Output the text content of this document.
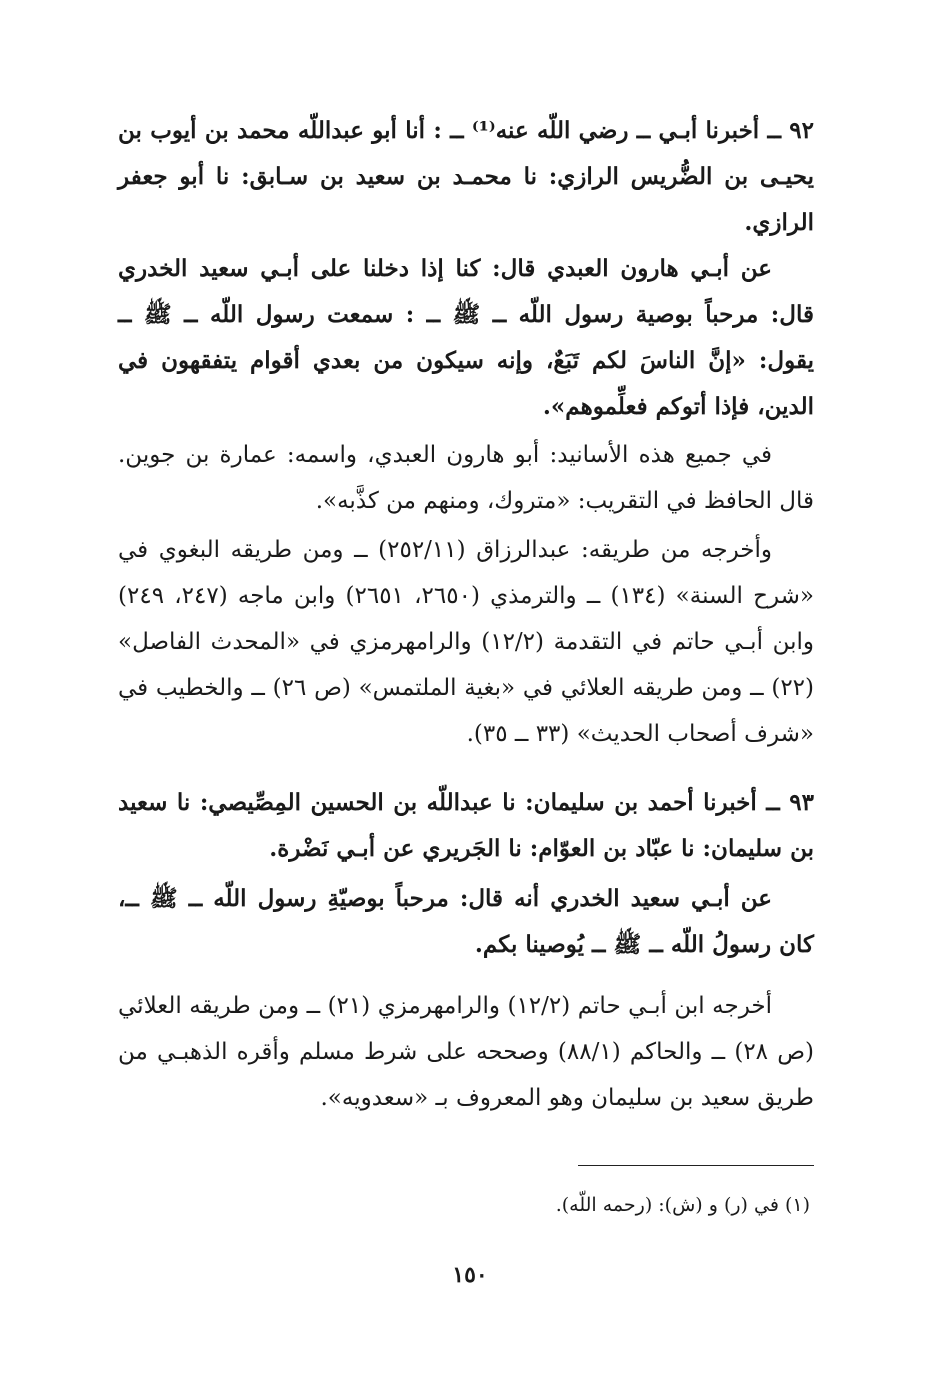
٩٢ ــ أخبرنا أبـي ــ رضي اللّه عنه⁽¹⁾ ــ : أنا أبو عبداللّه محمد بن أيوب بن يحيـى بن الضُّريس الرازي: نا محمـد بن سعيد بن سـابق: نا أبو جعفر الرازي.

عن أبـي هارون العبدي قال: كنا إذا دخلنا على أبـي سعيد الخدري قال: مرحباً بوصية رسول اللّه ــ ﷺ ــ : سمعت رسول اللّه ــ ﷺ ــ يقول: «إنَّ الناسَ لكم تَبَعٌ، وإنه سيكون من بعدي أقوام يتفقهون في الدين، فإذا أتوكم فعلِّموهم».

في جميع هذه الأسانيد: أبو هارون العبدي، واسمه: عمارة بن جوين. قال الحافظ في التقريب: «متروك، ومنهم من كذَّبه».

وأخرجه من طريقه: عبدالرزاق (٢٥٢/١١) ــ ومن طريقه البغوي في «شرح السنة» (١٣٤) ــ والترمذي (٢٦٥٠، ٢٦٥١) وابن ماجه (٢٤٧، ٢٤٩) وابن أبـي حاتم في التقدمة (١٢/٢) والرامهرمزي في «المحدث الفاصل» (٢٢) ــ ومن طريقه العلائي في «بغية الملتمس» (ص ٢٦) ــ والخطيب في «شرف أصحاب الحديث» (٣٣ ــ ٣٥).

٩٣ ــ أخبرنا أحمد بن سليمان: نا عبداللّه بن الحسين المِصِّيصي: نا سعيد بن سليمان: نا عبّاد بن العوّام: نا الجَريري عن أبـي نَضْرة.

عن أبـي سعيد الخدري أنه قال: مرحباً بوصيّةِ رسول اللّه ــ ﷺ ــ، كان رسولُ اللّه ــ ﷺ ــ يُوصينا بكم.

أخرجه ابن أبـي حاتم (١٢/٢) والرامهرمزي (٢١) ــ ومن طريقه العلائي (ص ٢٨) ــ والحاكم (٨٨/١) وصححه على شرط مسلم وأقره الذهبـي من طريق سعيد بن سليمان وهو المعروف بـ «سعدويه».

(١) في (ر) و (ش): (رحمه اللّه).

١٥٠
